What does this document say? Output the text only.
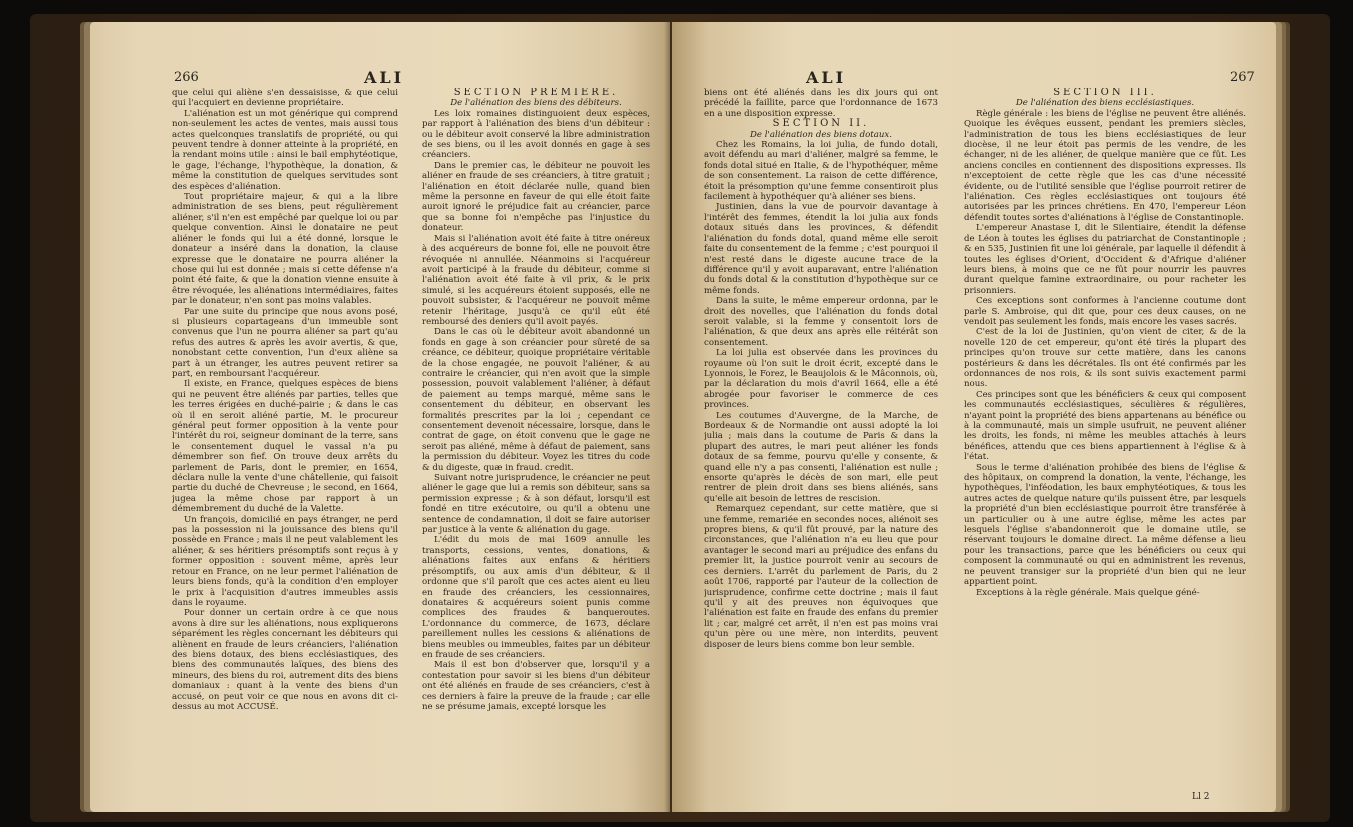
266	ALI

que celui qui aliène s'en dessaisisse, & que celui qui l'acquiert en devienne propriétaire.

L'aliénation est un mot générique qui comprend non-seulement les actes de ventes, mais aussi tous actes quelconques translatifs de propriété, ou qui peuvent tendre à donner atteinte à la propriété, en la rendant moins utile : ainsi le bail emphytéotique, le gage, l'échange, l'hypothèque, la donation, & même la constitution de quelques servitudes sont des espèces d'aliénation.

Tout propriétaire majeur, & qui a la libre administration de ses biens, peut régulièrement aliéner, s'il n'en est empêché par quelque loi ou par quelque convention. Ainsi le donataire ne peut aliéner le fonds qui lui a été donné, lorsque le donateur a inséré dans la donation, la clause expresse que le donataire ne pourra aliéner la chose qui lui est donnée ; mais si cette défense n'a point été faite, & que la donation vienne ensuite à être révoquée, les aliénations intermédiaires, faites par le donateur, n'en sont pas moins valables.

Par une suite du principe que nous avons posé, si plusieurs copartageans d'un immeuble sont convenus que l'un ne pourra aliéner sa part qu'au refus des autres & après les avoir avertis, & que, nonobstant cette convention, l'un d'eux aliène sa part à un étranger, les autres peuvent retirer sa part, en remboursant l'acquéreur.

Il existe, en France, quelques espèces de biens qui ne peuvent être aliénés par parties, telles que les terres érigées en duché-pairie ; & dans le cas où il en seroit aliéné partie, M. le procureur général peut former opposition à la vente pour l'intérêt du roi, seigneur dominant de la terre, sans le consentement duquel le vassal n'a pu démembrer son fief. On trouve deux arrêts du parlement de Paris, dont le premier, en 1654, déclara nulle la vente d'une châtellenie, qui faisoit partie du duché de Chevreuse ; le second, en 1664, jugea la même chose par rapport à un démembrement du duché de la Valette.

Un françois, domicilié en pays étranger, ne perd pas la possession ni la jouissance des biens qu'il possède en France ; mais il ne peut valablement les aliéner, & ses héritiers présomptifs sont reçus à y former opposition : souvent même, après leur retour en France, on ne leur permet l'aliénation de leurs biens fonds, qu'à la condition d'en employer le prix à l'acquisition d'autres immeubles assis dans le royaume.

Pour donner un certain ordre à ce que nous avons à dire sur les aliénations, nous expliquerons séparément les règles concernant les débiteurs qui aliènent en fraude de leurs créanciers, l'aliénation des biens dotaux, des biens ecclésiastiques, des biens des communautés laïques, des biens des mineurs, des biens du roi, autrement dits des biens domaniaux : quant à la vente des biens d'un accusé, on peut voir ce que nous en avons dit ci-dessus au mot ACCUSÉ.

SECTION PREMIÈRE.

De l'aliénation des biens des débiteurs.

Les loix romaines distinguoient deux espèces, par rapport à l'aliénation des biens d'un débiteur : ou le débiteur avoit conservé la libre administration de ses biens, ou il les avoit donnés en gage à ses créanciers.

Dans le premier cas, le débiteur ne pouvoit les aliéner en fraude de ses créanciers, à titre gratuit ; l'aliénation en étoit déclarée nulle, quand bien même la personne en faveur de qui elle étoit faite auroit ignoré le préjudice fait au créancier, parce que sa bonne foi n'empêche pas l'injustice du donateur.

Mais si l'aliénation avoit été faite à titre onéreux à des acquéreurs de bonne foi, elle ne pouvoit être révoquée ni annullée. Néanmoins si l'acquéreur avoit participé à la fraude du débiteur, comme si l'aliénation avoit été faite à vil prix, & le prix simulé, si les acquéreurs étoient supposés, elle ne pouvoit subsister, & l'acquéreur ne pouvoit même retenir l'héritage, jusqu'à ce qu'il eût été remboursé des deniers qu'il avoit payés.

Dans le cas où le débiteur avoit abandonné un fonds en gage à son créancier pour sûreté de sa créance, ce débiteur, quoique propriétaire véritable de la chose engagée, ne pouvoit l'aliéner, & au contraire le créancier, qui n'en avoit que la simple possession, pouvoit valablement l'aliéner, à défaut de paiement au temps marqué, même sans le consentement du débiteur, en observant les formalités prescrites par la loi ; cependant ce consentement devenoit nécessaire, lorsque, dans le contrat de gage, on étoit convenu que le gage ne seroit pas aliéné, même à défaut de paiement, sans la permission du débiteur. Voyez les titres du code & du digeste, quæ in fraud. credit.

Suivant notre jurisprudence, le créancier ne peut aliéner le gage que lui a remis son débiteur, sans sa permission expresse ; & à son défaut, lorsqu'il est fondé en titre exécutoire, ou qu'il a obtenu une sentence de condamnation, il doit se faire autoriser par justice à la vente & aliénation du gage.

L'édit du mois de mai 1609 annulle les transports, cessions, ventes, donations, & aliénations faites aux enfans & héritiers présomptifs, ou aux amis d'un débiteur, & il ordonne que s'il paroît que ces actes aient eu lieu en fraude des créanciers, les cessionnaires, donataires & acquéreurs soient punis comme complices des fraudes & banqueroutes. L'ordonnance du commerce, de 1673, déclare pareillement nulles les cessions & aliénations de biens meubles ou immeubles, faites par un débiteur en fraude de ses créanciers.

Mais il est bon d'observer que, lorsqu'il y a contestation pour savoir si les biens d'un débiteur ont été aliénés en fraude de ses créanciers, c'est à ces derniers à faire la preuve de la fraude ; car elle ne se présume jamais, excepté lorsque les

ALI	267

biens ont été aliénés dans les dix jours qui ont précédé la faillite, parce que l'ordonnance de 1673 en a une disposition expresse.

SECTION II.

De l'aliénation des biens dotaux.

Chez les Romains, la loi julia, de fundo dotali, avoit défendu au mari d'aliéner, malgré sa femme, le fonds dotal situé en Italie, & de l'hypothéquer, même de son consentement. La raison de cette différence, étoit la présomption qu'une femme consentiroit plus facilement à hypothéquer qu'à aliéner ses biens.

Justinien, dans la vue de pourvoir davantage à l'intérêt des femmes, étendit la loi julia aux fonds dotaux situés dans les provinces, & défendit l'aliénation du fonds dotal, quand même elle seroit faite du consentement de la femme ; c'est pourquoi il n'est resté dans le digeste aucune trace de la différence qu'il y avoit auparavant, entre l'aliénation du fonds dotal & la constitution d'hypothèque sur ce même fonds.

Dans la suite, le même empereur ordonna, par le droit des novelles, que l'aliénation du fonds dotal seroit valable, si la femme y consentoit lors de l'aliénation, & que deux ans après elle réitérât son consentement.

La loi julia est observée dans les provinces du royaume où l'on suit le droit écrit, excepté dans le Lyonnois, le Forez, le Beaujolois & le Mâconnois, où, par la déclaration du mois d'avril 1664, elle a été abrogée pour favoriser le commerce de ces provinces.

Les coutumes d'Auvergne, de la Marche, de Bordeaux & de Normandie ont aussi adopté la loi julia ; mais dans la coutume de Paris & dans la plupart des autres, le mari peut aliéner les fonds dotaux de sa femme, pourvu qu'elle y consente, & quand elle n'y a pas consenti, l'aliénation est nulle ; ensorte qu'après le décès de son mari, elle peut rentrer de plein droit dans ses biens aliénés, sans qu'elle ait besoin de lettres de rescision.

Remarquez cependant, sur cette matière, que si une femme, remariée en secondes noces, aliénoit ses propres biens, & qu'il fût prouvé, par la nature des circonstances, que l'aliénation n'a eu lieu que pour avantager le second mari au préjudice des enfans du premier lit, la justice pourroit venir au secours de ces derniers. L'arrêt du parlement de Paris, du 2 août 1706, rapporté par l'auteur de la collection de jurisprudence, confirme cette doctrine ; mais il faut qu'il y ait des preuves non équivoques que l'aliénation est faite en fraude des enfans du premier lit ; car, malgré cet arrêt, il n'en est pas moins vrai qu'un père ou une mère, non interdits, peuvent disposer de leurs biens comme bon leur semble.

SECTION III.

De l'aliénation des biens ecclésiastiques.

Règle générale : les biens de l'église ne peuvent être aliénés. Quoique les évêques eussent, pendant les premiers siècles, l'administration de tous les biens ecclésiastiques de leur diocèse, il ne leur étoit pas permis de les vendre, de les échanger, ni de les aliéner, de quelque manière que ce fût. Les anciens conciles en contiennent des dispositions expresses. Ils n'exceptoient de cette règle que les cas d'une nécessité évidente, ou de l'utilité sensible que l'église pourroit retirer de l'aliénation. Ces règles ecclésiastiques ont toujours été autorisées par les princes chrétiens. En 470, l'empereur Léon défendit toutes sortes d'aliénations à l'église de Constantinople.

L'empereur Anastase I, dit le Silentiaire, étendit la défense de Léon à toutes les églises du patriarchat de Constantinople ; & en 535, Justinien fit une loi générale, par laquelle il défendit à toutes les églises d'Orient, d'Occident & d'Afrique d'aliéner leurs biens, à moins que ce ne fût pour nourrir les pauvres durant quelque famine extraordinaire, ou pour racheter les prisonniers.

Ces exceptions sont conformes à l'ancienne coutume dont parle S. Ambroise, qui dit que, pour ces deux causes, on ne vendoit pas seulement les fonds, mais encore les vases sacrés.

C'est de la loi de Justinien, qu'on vient de citer, & de la novelle 120 de cet empereur, qu'ont été tirés la plupart des principes qu'on trouve sur cette matière, dans les canons postérieurs & dans les décrétales. Ils ont été confirmés par les ordonnances de nos rois, & ils sont suivis exactement parmi nous.

Ces principes sont que les bénéficiers & ceux qui composent les communautés ecclésiastiques, séculières & régulières, n'ayant point la propriété des biens appartenans au bénéfice ou à la communauté, mais un simple usufruit, ne peuvent aliéner les droits, les fonds, ni même les meubles attachés à leurs bénéfices, attendu que ces biens appartiennent à l'église & à l'état.

Sous le terme d'aliénation prohibée des biens de l'église & des hôpitaux, on comprend la donation, la vente, l'échange, les hypothèques, l'inféodation, les baux emphytéotiques, & tous les autres actes de quelque nature qu'ils puissent être, par lesquels la propriété d'un bien ecclésiastique pourroit être transférée à un particulier ou à une autre église, même les actes par lesquels l'église s'abandonneroit que le domaine utile, se réservant toujours le domaine direct. La même défense a lieu pour les transactions, parce que les bénéficiers ou ceux qui composent la communauté ou qui en administrent les revenus, ne peuvent transiger sur la propriété d'un bien qui ne leur appartient point.

Exceptions à la règle générale. Mais quelque géné-

Ll 2
